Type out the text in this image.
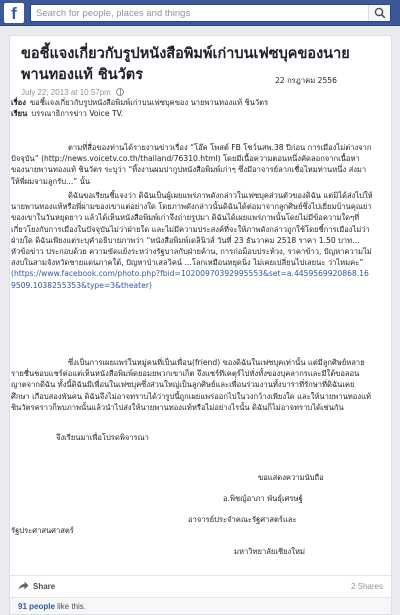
f
Search for people, places and things
ขอชี้แจงเกี่ยวกับรูปหนังสือพิมพ์เก่าบนเฟซบุคของนายพานทองแท้ ชินวัตร
July 22, 2013 at 10:57pm
22 กรฎาคม 2556
เรื่อง ขอชี้แจงเกี่ยวกับรูปหนังสือพิมพ์เก่าบนเฟซบุคของ นายพานทองแท้ ชินวัตร
เรียน บรรณาธิการข่าว Voice TV.
ตามที่สื่อของท่านได้รายงานข่าวเรื่อง “โอ๊ค โพสต์ FB โชว์นสพ.38 ปีก่อน การเมืองไม่ต่างจากปัจจุบัน” (http://news.voicetv.co.th/thailand/76310.html) โดยมีเนื้อความตอนหนึ่งคัดลอกจากเนื้อหาของนายพานทองแท้ ชินวัตร ระบุว่า “ทิ้งงานผมปากูปหนังสือพิมพ์เก่าๆ ซึ่งมีอาจารย์ลากเชื่อไหมท่านหนึ่ง ส่งมาให้พี่ผมจามลูกรับ...” นั้น
ดิฉันขอเรียนชี้แจงว่า ดิฉันเป็นผู้เผยแพร่ภาพดังกล่าวในเฟซบุคส่วนตัวของดิฉัน แต่มิได้ส่งไปให้นายพานทองแท้หรือพี่ผามของเขาแต่อย่างใด โดยภาพดังกล่าวนั้นดิฉันได้ต่อมาจากลูกศิษย์ซึ่งไปเยี่ยมบ้านคุณย่าของเขาในวันหยุดยาว แล้วได้เห็นหนังสือพิมพ์เก่าจึงถ่ายรูปมา ดิฉันได้เผยแพร่ภาพนั้นโดยไม่มีข้อความใดๆที่เกี่ยวโยงกับการเมืองในปัจจุบันไม่ว่าฝ่ายใด และไม่มีความประสงค์ที่จะให้ภาพดังกล่าวถูกใช้โดยชี้การเมืองไม่ว่าฝ่ายใด ดิฉันเพียงแต่ระบุคำอธิบายภาพว่า “หนังสือพิมพ์เดลินิวส์ วันที่ 23 ธันวาคม 2518 ราคา 1.50 บาท... หัวข้อข่าว ประกอบด้วย ความขัดแย้งระหว่างรัฐบาลกับฝ่ายค้าน, การก่อม็อบประท้วง, ราคาข้าว, ปัญหาความไม่สงบในสามจังหวัดชายแดนภาคใต้, ปัญหาป่าเสลวิคน์ ...โลกเหมือนหยุดนิ่ง ไม่เคยเปลี่ยนไปเลยนะ ว่าไหมคะ”
(https://www.facebook.com/photo.php?fbid=10200970392995553&set=a.4459569920868.169509.1038255353&type=3&theater)
ซึ่งเป็นการเผยแพร่ในหมู่คนที่เป็นเพื่อน(friend) ของดิฉันในเฟซบุคเท่านั้น แต่มีลูกศิษย์หลายรายชื่นชอบแชร์ต่อแต่เห็นหนังสือพิมพ์ดยอมยพวกเขาเก็ต จึงแชร์ทีเคตุร์ไปทั่งทั้งของบุคลากรและมีใต้ขอลอนญาตจากดิฉัน ทั้งนี้ดิฉันมีเพื่อนในเฟซบุคซึ่งส่วนใหญ่เป็นลูกศิษย์และเพื่อนร่วมงานทั้งบาราที่รักษาที่ดิฉันเคยศึกษา เกือบสองพันคน ดิฉันจึงไม่อาจทราบได้ว่ารูปนี้ถูกเผยแพร่ออกไปในวงกว้างเพียงใด และให้นายพานทองแท้ชินวัตรคราวก็พบภาพนั้นแล้วนำไปส่งให้นายพานทองแท้หรือไม่อย่างไรนั้น ดิฉันก็ไม่อาจทราบได้เช่นกัน
จึงเรียนมาเพื่อโปรดพิจารณา
ขอแสดงความนับถือ
อ.พิชญ์อาภา พันธุ์เศรษฐ์
อาจารย์ประจำคณะรัฐศาสตร์และ
รัฐประศาสนศาสตร์
มหาวิทยาลัยเชียงใหม่
Share	2 Shares
91 people like this.
